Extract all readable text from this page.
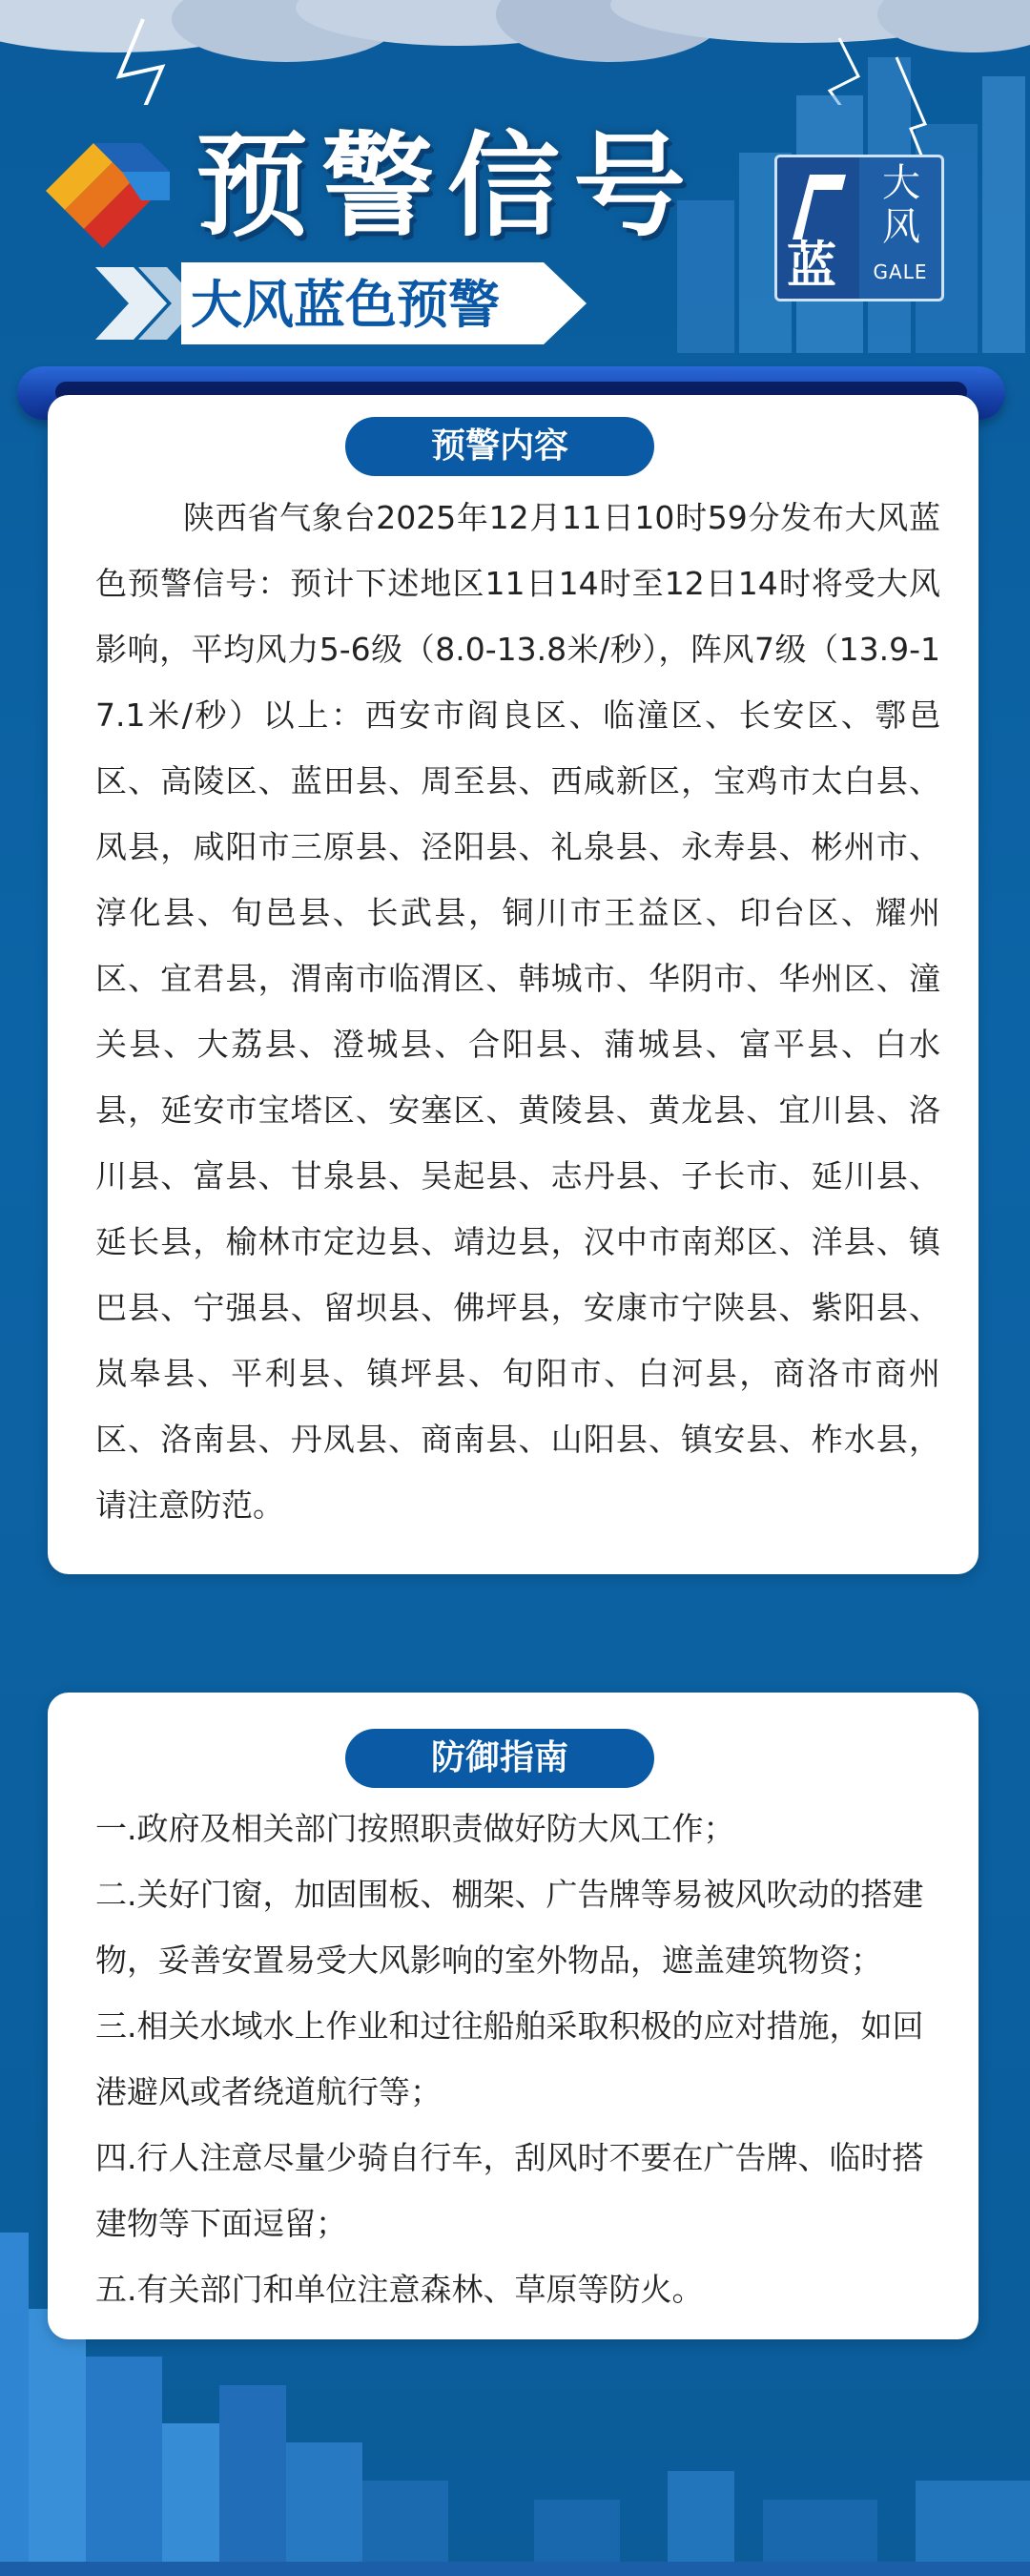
预警信号
蓝
大
风
GALE
大风蓝色预警
预警内容
陕西省气象台2025年12月11日10时59分发布大风蓝色预警信号：预计下述地区11日14时至12日14时将受大风影响，平均风力5-6级（8.0-13.8米/秒），阵风7级（13.9-17.1米/秒）以上：西安市阎良区、临潼区、长安区、鄠邑区、高陵区、蓝田县、周至县、西咸新区，宝鸡市太白县、凤县，咸阳市三原县、泾阳县、礼泉县、永寿县、彬州市、淳化县、旬邑县、长武县，铜川市王益区、印台区、耀州区、宜君县，渭南市临渭区、韩城市、华阴市、华州区、潼关县、大荔县、澄城县、合阳县、蒲城县、富平县、白水县，延安市宝塔区、安塞区、黄陵县、黄龙县、宜川县、洛川县、富县、甘泉县、吴起县、志丹县、子长市、延川县、延长县，榆林市定边县、靖边县，汉中市南郑区、洋县、镇巴县、宁强县、留坝县、佛坪县，安康市宁陕县、紫阳县、岚皋县、平利县、镇坪县、旬阳市、白河县，商洛市商州区、洛南县、丹凤县、商南县、山阳县、镇安县、柞水县，请注意防范。
防御指南
一.政府及相关部门按照职责做好防大风工作；
二.关好门窗，加固围板、棚架、广告牌等易被风吹动的搭建物，妥善安置易受大风影响的室外物品，遮盖建筑物资；
三.相关水域水上作业和过往船舶采取积极的应对措施，如回港避风或者绕道航行等；
四.行人注意尽量少骑自行车，刮风时不要在广告牌、临时搭建物等下面逗留；
五.有关部门和单位注意森林、草原等防火。
